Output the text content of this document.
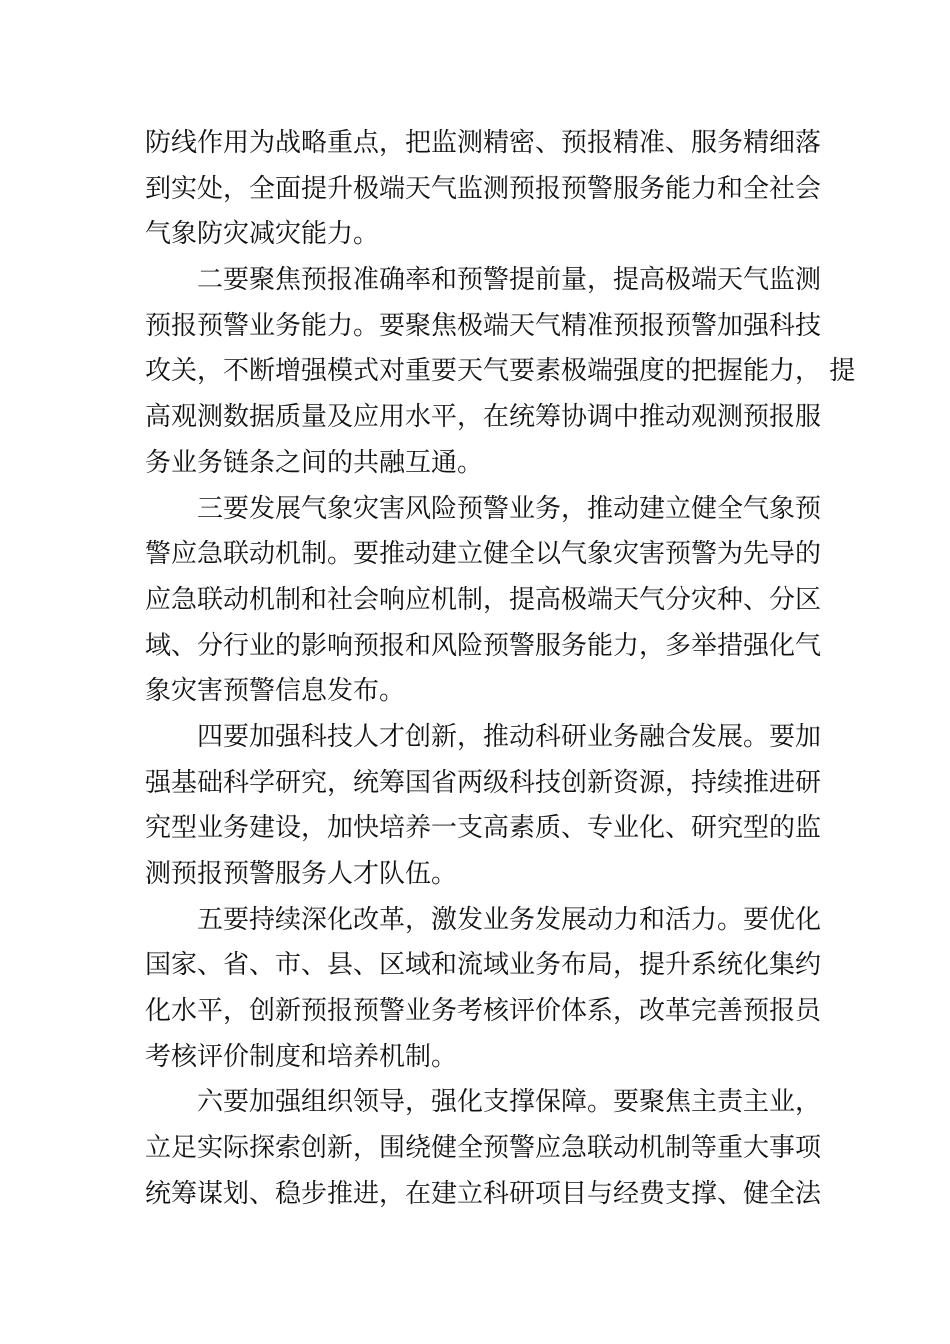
防线作用为战略重点，把监测精密、预报精准、服务精细落
到实处，全面提升极端天气监测预报预警服务能力和全社会
气象防灾减灾能力。
二要聚焦预报准确率和预警提前量，提高极端天气监测
预报预警业务能力。要聚焦极端天气精准预报预警加强科技
攻关，不断增强模式对重要天气要素极端强度的把握能力， 提
高观测数据质量及应用水平，在统筹协调中推动观测预报服
务业务链条之间的共融互通。
三要发展气象灾害风险预警业务，推动建立健全气象预
警应急联动机制。要推动建立健全以气象灾害预警为先导的
应急联动机制和社会响应机制，提高极端天气分灾种、分区
域、分行业的影响预报和风险预警服务能力，多举措强化气
象灾害预警信息发布。
四要加强科技人才创新，推动科研业务融合发展。要加
强基础科学研究，统筹国省两级科技创新资源，持续推进研
究型业务建设，加快培养一支高素质、专业化、研究型的监
测预报预警服务人才队伍。
五要持续深化改革，激发业务发展动力和活力。要优化
国家、省、市、县、区域和流域业务布局，提升系统化集约
化水平，创新预报预警业务考核评价体系，改革完善预报员
考核评价制度和培养机制。
六要加强组织领导，强化支撑保障。要聚焦主责主业，
立足实际探索创新，围绕健全预警应急联动机制等重大事项
统筹谋划、稳步推进，在建立科研项目与经费支撑、健全法
